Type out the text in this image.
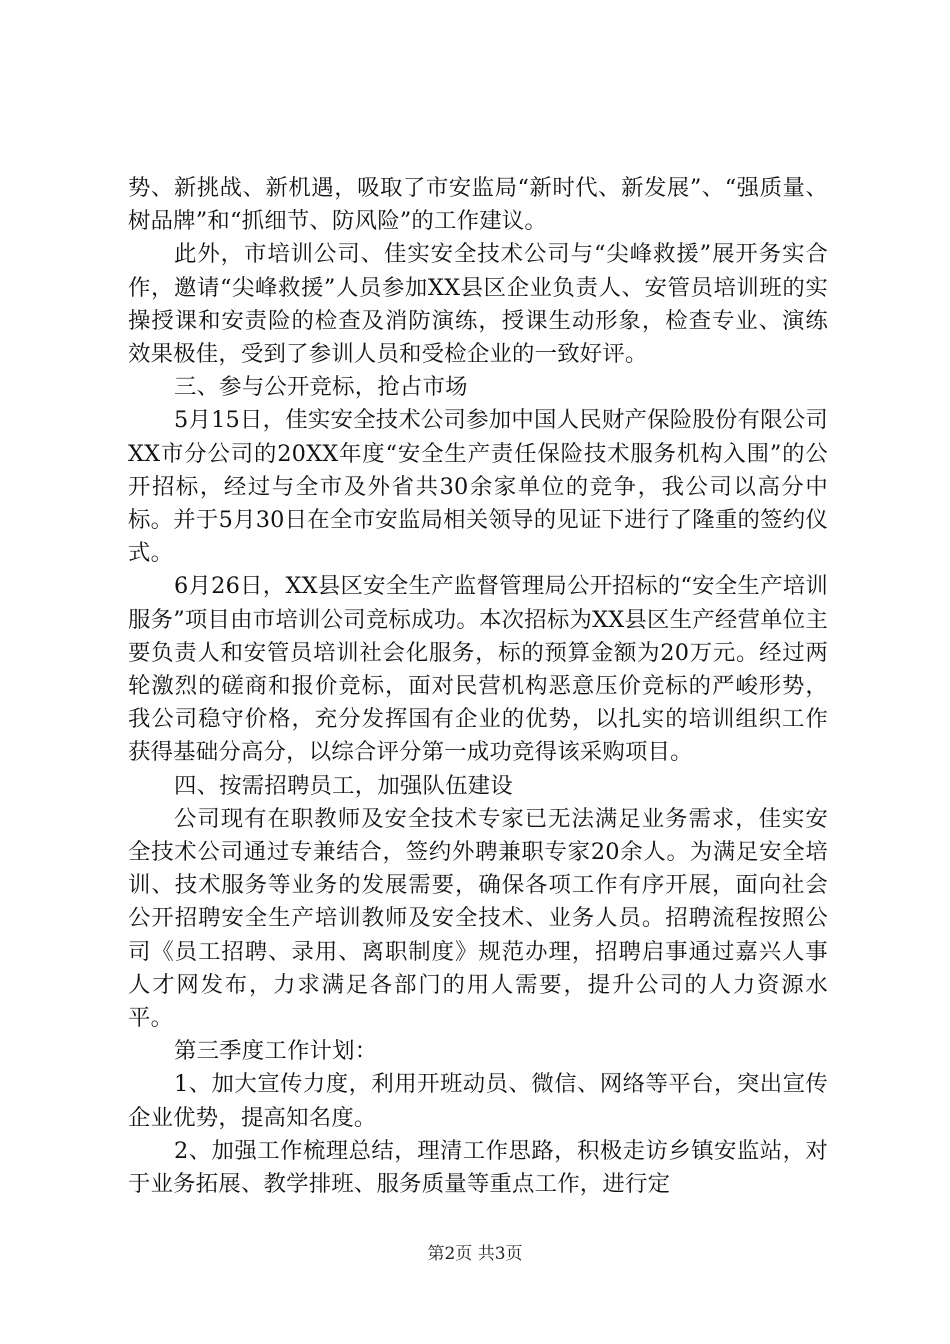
势、新挑战、新机遇，吸取了市安监局“新时代、新发展”、“强质量、树品牌”和“抓细节、防风险”的工作建议。

此外，市培训公司、佳实安全技术公司与“尖峰救援”展开务实合作，邀请“尖峰救援”人员参加XX县区企业负责人、安管员培训班的实操授课和安责险的检查及消防演练，授课生动形象，检查专业、演练效果极佳，受到了参训人员和受检企业的一致好评。

三、参与公开竞标，抢占市场

5月15日，佳实安全技术公司参加中国人民财产保险股份有限公司XX市分公司的20XX年度“安全生产责任保险技术服务机构入围”的公开招标，经过与全市及外省共30余家单位的竞争，我公司以高分中标。并于5月30日在全市安监局相关领导的见证下进行了隆重的签约仪式。

6月26日，XX县区安全生产监督管理局公开招标的“安全生产培训服务”项目由市培训公司竞标成功。本次招标为XX县区生产经营单位主要负责人和安管员培训社会化服务，标的预算金额为20万元。经过两轮激烈的磋商和报价竞标，面对民营机构恶意压价竞标的严峻形势，我公司稳守价格，充分发挥国有企业的优势，以扎实的培训组织工作获得基础分高分，以综合评分第一成功竞得该采购项目。

四、按需招聘员工，加强队伍建设

公司现有在职教师及安全技术专家已无法满足业务需求，佳实安全技术公司通过专兼结合，签约外聘兼职专家20余人。为满足安全培训、技术服务等业务的发展需要，确保各项工作有序开展，面向社会公开招聘安全生产培训教师及安全技术、业务人员。招聘流程按照公司《员工招聘、录用、离职制度》规范办理，招聘启事通过嘉兴人事人才网发布，力求满足各部门的用人需要，提升公司的人力资源水平。

第三季度工作计划：

1、加大宣传力度，利用开班动员、微信、网络等平台，突出宣传企业优势，提高知名度。

2、加强工作梳理总结，理清工作思路，积极走访乡镇安监站，对于业务拓展、教学排班、服务质量等重点工作，进行定

第2页 共3页
